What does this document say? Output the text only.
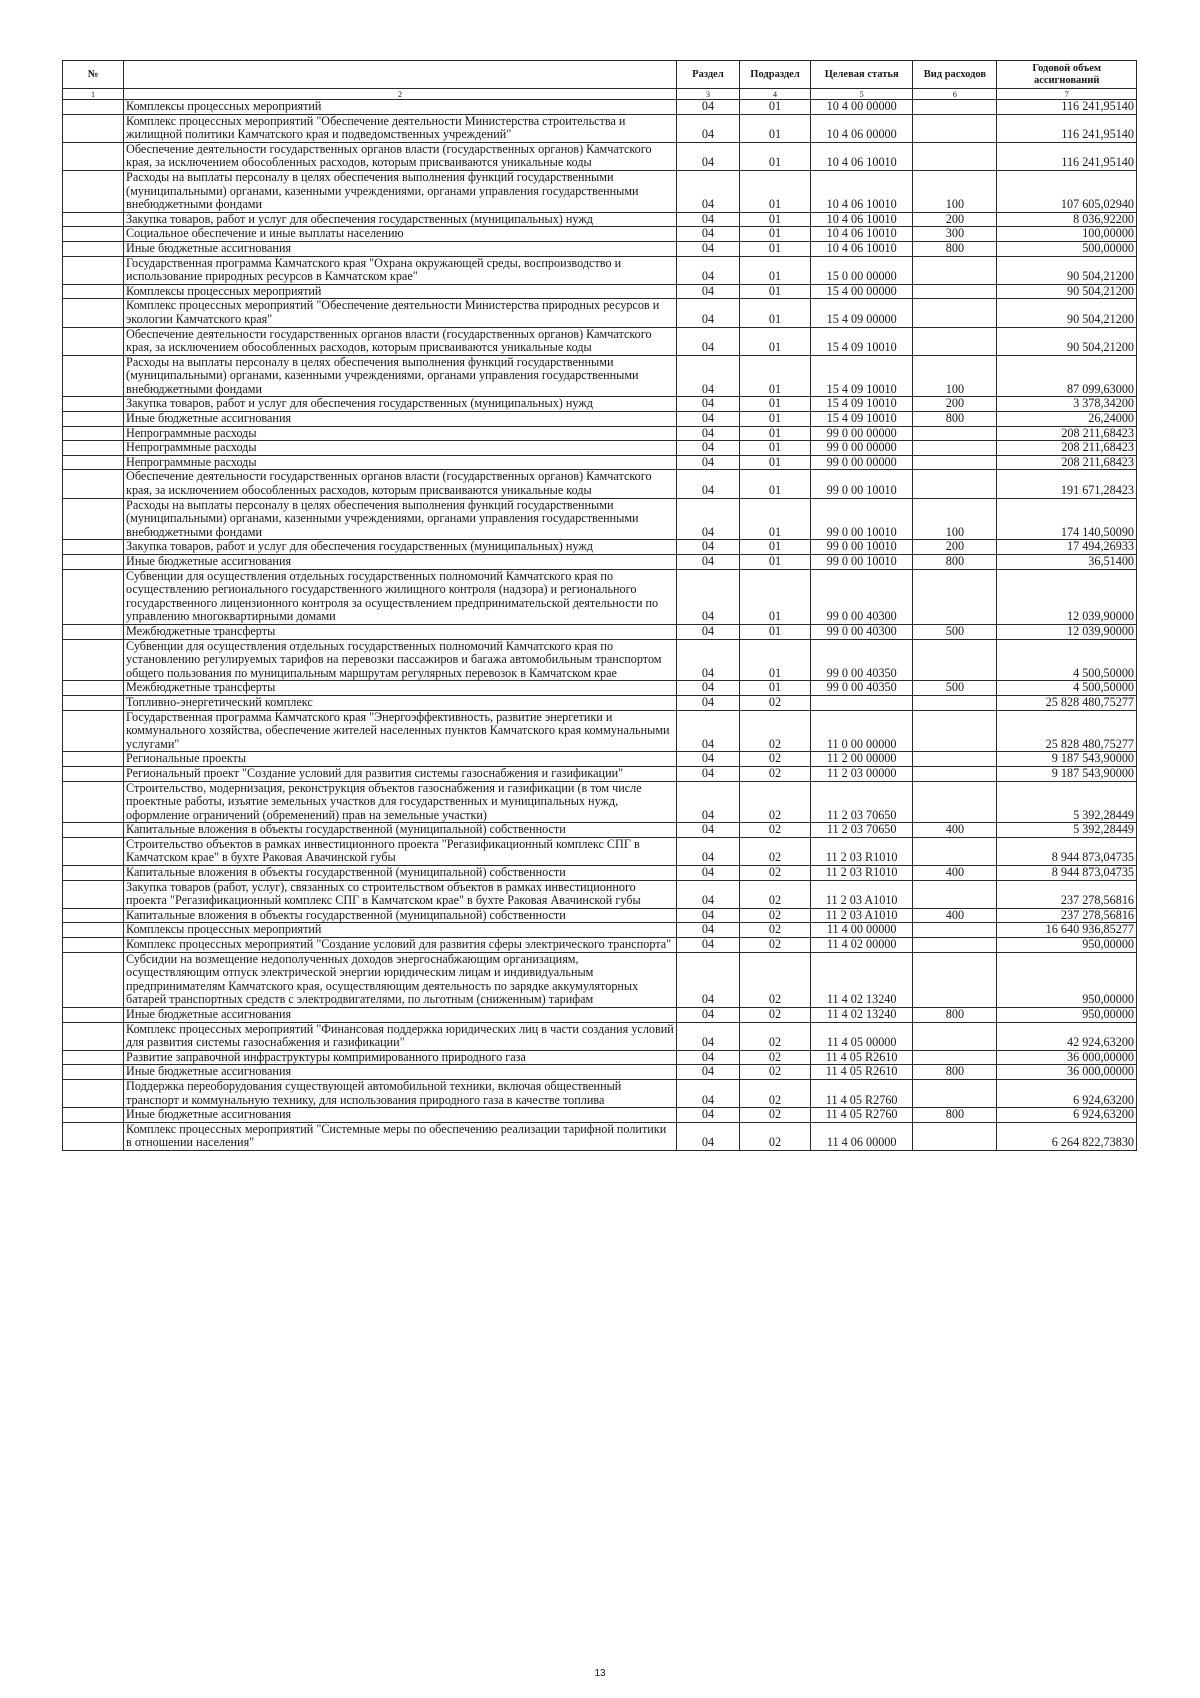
№		Раздел	Подраздел	Целевая статья	Вид расходов	Годовой объем ассигнований
1	2	3	4	5	6	7
	Комплексы процессных мероприятий	04	01	10 4 00 00000		116 241,95140
	Комплекс процессных мероприятий "Обеспечение деятельности Министерства строительства и жилищной политики Камчатского края и подведомственных учреждений"	04	01	10 4 06 00000		116 241,95140
	Обеспечение деятельности государственных органов власти (государственных органов) Камчатского края, за исключением обособленных расходов, которым присваиваются уникальные коды	04	01	10 4 06 10010		116 241,95140
	Расходы на выплаты персоналу в целях обеспечения выполнения функций государственными (муниципальными) органами, казенными учреждениями, органами управления государственными внебюджетными фондами	04	01	10 4 06 10010	100	107 605,02940
	Закупка товаров, работ и услуг для обеспечения государственных (муниципальных) нужд	04	01	10 4 06 10010	200	8 036,92200
	Социальное обеспечение и иные выплаты населению	04	01	10 4 06 10010	300	100,00000
	Иные бюджетные ассигнования	04	01	10 4 06 10010	800	500,00000
	Государственная программа Камчатского края "Охрана окружающей среды, воспроизводство и использование природных ресурсов в Камчатском крае"	04	01	15 0 00 00000		90 504,21200
	Комплексы процессных мероприятий	04	01	15 4 00 00000		90 504,21200
	Комплекс процессных мероприятий "Обеспечение деятельности Министерства природных ресурсов и экологии Камчатского края"	04	01	15 4 09 00000		90 504,21200
	Обеспечение деятельности государственных органов власти (государственных органов) Камчатского края, за исключением обособленных расходов, которым присваиваются уникальные коды	04	01	15 4 09 10010		90 504,21200
	Расходы на выплаты персоналу в целях обеспечения выполнения функций государственными (муниципальными) органами, казенными учреждениями, органами управления государственными внебюджетными фондами	04	01	15 4 09 10010	100	87 099,63000
	Закупка товаров, работ и услуг для обеспечения государственных (муниципальных) нужд	04	01	15 4 09 10010	200	3 378,34200
	Иные бюджетные ассигнования	04	01	15 4 09 10010	800	26,24000
	Непрограммные расходы	04	01	99 0 00 00000		208 211,68423
	Непрограммные расходы	04	01	99 0 00 00000		208 211,68423
	Непрограммные расходы	04	01	99 0 00 00000		208 211,68423
	Обеспечение деятельности государственных органов власти (государственных органов) Камчатского края, за исключением обособленных расходов, которым присваиваются уникальные коды	04	01	99 0 00 10010		191 671,28423
	Расходы на выплаты персоналу в целях обеспечения выполнения функций государственными (муниципальными) органами, казенными учреждениями, органами управления государственными внебюджетными фондами	04	01	99 0 00 10010	100	174 140,50090
	Закупка товаров, работ и услуг для обеспечения государственных (муниципальных) нужд	04	01	99 0 00 10010	200	17 494,26933
	Иные бюджетные ассигнования	04	01	99 0 00 10010	800	36,51400
	Субвенции для осуществления отдельных государственных полномочий Камчатского края по осуществлению регионального государственного жилищного контроля (надзора) и регионального государственного лицензионного контроля за осуществлением предпринимательской деятельности по управлению многоквартирными домами	04	01	99 0 00 40300		12 039,90000
	Межбюджетные трансферты	04	01	99 0 00 40300	500	12 039,90000
	Субвенции для осуществления отдельных государственных полномочий Камчатского края по установлению регулируемых тарифов на перевозки пассажиров и багажа автомобильным транспортом общего пользования по муниципальным маршрутам регулярных перевозок в Камчатском крае	04	01	99 0 00 40350		4 500,50000
	Межбюджетные трансферты	04	01	99 0 00 40350	500	4 500,50000
	Топливно-энергетический комплекс	04	02			25 828 480,75277
	Государственная программа Камчатского края "Энергоэффективность, развитие энергетики и коммунального хозяйства, обеспечение жителей населенных пунктов Камчатского края коммунальными услугами"	04	02	11 0 00 00000		25 828 480,75277
	Региональные проекты	04	02	11 2 00 00000		9 187 543,90000
	Региональный проект "Создание условий для развития системы газоснабжения и газификации"	04	02	11 2 03 00000		9 187 543,90000
	Строительство, модернизация, реконструкция объектов газоснабжения и газификации (в том числе проектные работы, изъятие земельных участков для государственных и муниципальных нужд, оформление ограничений (обременений) прав на земельные участки)	04	02	11 2 03 70650		5 392,28449
	Капитальные вложения в объекты государственной (муниципальной) собственности	04	02	11 2 03 70650	400	5 392,28449
	Строительство объектов в рамках инвестиционного проекта "Регазификационный комплекс СПГ в Камчатском крае" в бухте Раковая Авачинской губы	04	02	11 2 03 R1010		8 944 873,04735
	Капитальные вложения в объекты государственной (муниципальной) собственности	04	02	11 2 03 R1010	400	8 944 873,04735
	Закупка товаров (работ, услуг), связанных со строительством объектов в рамках инвестиционного проекта "Регазификационный комплекс СПГ в Камчатском крае" в бухте Раковая Авачинской губы	04	02	11 2 03 A1010		237 278,56816
	Капитальные вложения в объекты государственной (муниципальной) собственности	04	02	11 2 03 A1010	400	237 278,56816
	Комплексы процессных мероприятий	04	02	11 4 00 00000		16 640 936,85277
	Комплекс процессных мероприятий "Создание условий для развития сферы электрического транспорта"	04	02	11 4 02 00000		950,00000
	Субсидии на возмещение недополученных доходов энергоснабжающим организациям, осуществляющим отпуск электрической энергии юридическим лицам и индивидуальным предпринимателям Камчатского края, осуществляющим деятельность по зарядке аккумуляторных батарей транспортных средств с электродвигателями, по льготным (сниженным) тарифам	04	02	11 4 02 13240		950,00000
	Иные бюджетные ассигнования	04	02	11 4 02 13240	800	950,00000
	Комплекс процессных мероприятий "Финансовая поддержка юридических лиц в части создания условий для развития системы газоснабжения и газификации"	04	02	11 4 05 00000		42 924,63200
	Развитие заправочной инфраструктуры компримированного природного газа	04	02	11 4 05 R2610		36 000,00000
	Иные бюджетные ассигнования	04	02	11 4 05 R2610	800	36 000,00000
	Поддержка переоборудования существующей автомобильной техники, включая общественный транспорт и коммунальную технику, для использования природного газа в качестве топлива	04	02	11 4 05 R2760		6 924,63200
	Иные бюджетные ассигнования	04	02	11 4 05 R2760	800	6 924,63200
	Комплекс процессных мероприятий "Системные меры по обеспечению реализации тарифной политики в отношении населения"	04	02	11 4 06 00000		6 264 822,73830
13
